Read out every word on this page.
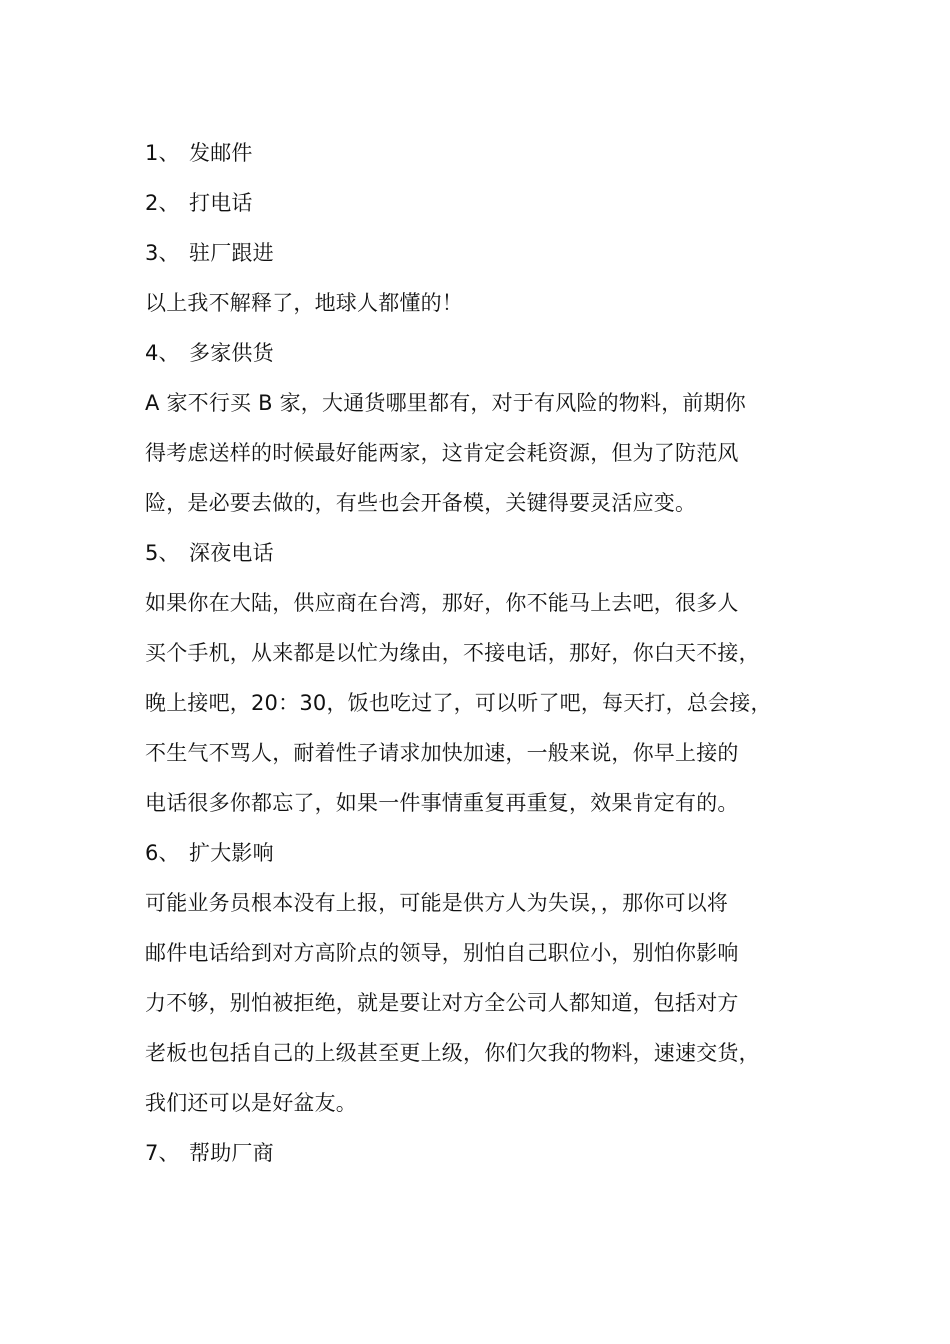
1、 发邮件
2、 打电话
3、 驻厂跟进
以上我不解释了，地球人都懂的！
4、 多家供货
A 家不行买 B 家，大通货哪里都有，对于有风险的物料，前期你
得考虑送样的时候最好能两家，这肯定会耗资源，但为了防范风
险，是必要去做的，有些也会开备模，关键得要灵活应变。
5、 深夜电话
如果你在大陆，供应商在台湾，那好，你不能马上去吧，很多人
买个手机，从来都是以忙为缘由，不接电话，那好，你白天不接，
晚上接吧，20：30，饭也吃过了，可以听了吧，每天打，总会接，
不生气不骂人，耐着性子请求加快加速，一般来说，你早上接的
电话很多你都忘了，如果一件事情重复再重复，效果肯定有的。
6、 扩大影响
可能业务员根本没有上报，可能是供方人为失误，，那你可以将
邮件电话给到对方高阶点的领导，别怕自己职位小，别怕你影响
力不够，别怕被拒绝，就是要让对方全公司人都知道，包括对方
老板也包括自己的上级甚至更上级，你们欠我的物料，速速交货，
我们还可以是好盆友。
7、 帮助厂商
